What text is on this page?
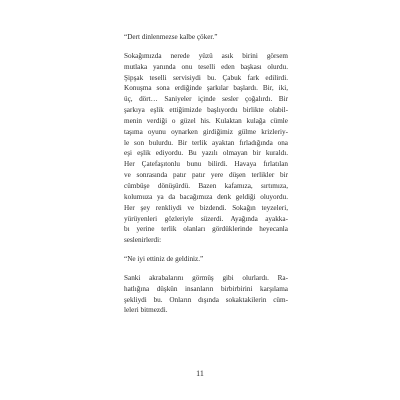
“Dert dinlenmezse kalbe çöker.”

Sokağımızda nerede yüzü asık birini görsem
mutlaka yanında onu teselli eden başkası olurdu.
Şipşak teselli servisiydi bu. Çabuk fark edilirdi.
Konuşma sona erdiğinde şarkılar başlardı. Bir, iki,
üç, dört… Saniyeler içinde sesler çoğalırdı. Bir
şarkıya eşlik ettiğimizde başlıyordu birlikte olabil-
menin verdiği o güzel his. Kulaktan kulağa cümle
taşıma oyunu oynarken girdiğimiz gülme krizleriy-
le son bulurdu. Bir terlik ayaktan fırladığında ona
eşi eşlik ediyordu. Bu yazılı olmayan bir kuraldı.
Her Çatefaşıtonlu bunu bilirdi. Havaya fırlatılan
ve sonrasında patır patır yere düşen terlikler bir
cümbüşe dönüşürdü. Bazen kafamıza, sırtımıza,
kolumuza ya da bacağımıza denk geldiği oluyordu.
Her şey renkliydi ve bizdendi. Sokağın teyzeleri,
yürüyenleri gözleriyle süzerdi. Ayağında ayakka-
bı yerine terlik olanları gördüklerinde heyecanla
seslenirlerdi:

“Ne iyi ettiniz de geldiniz.”

Sanki akrabalarını görmüş gibi olurlardı. Ra-
hatlığına düşkün insanların birbirbirini karşılama
şekliydi bu. Onların dışında sokaktakilerin cüm-
leleri bitmezdi.

11
